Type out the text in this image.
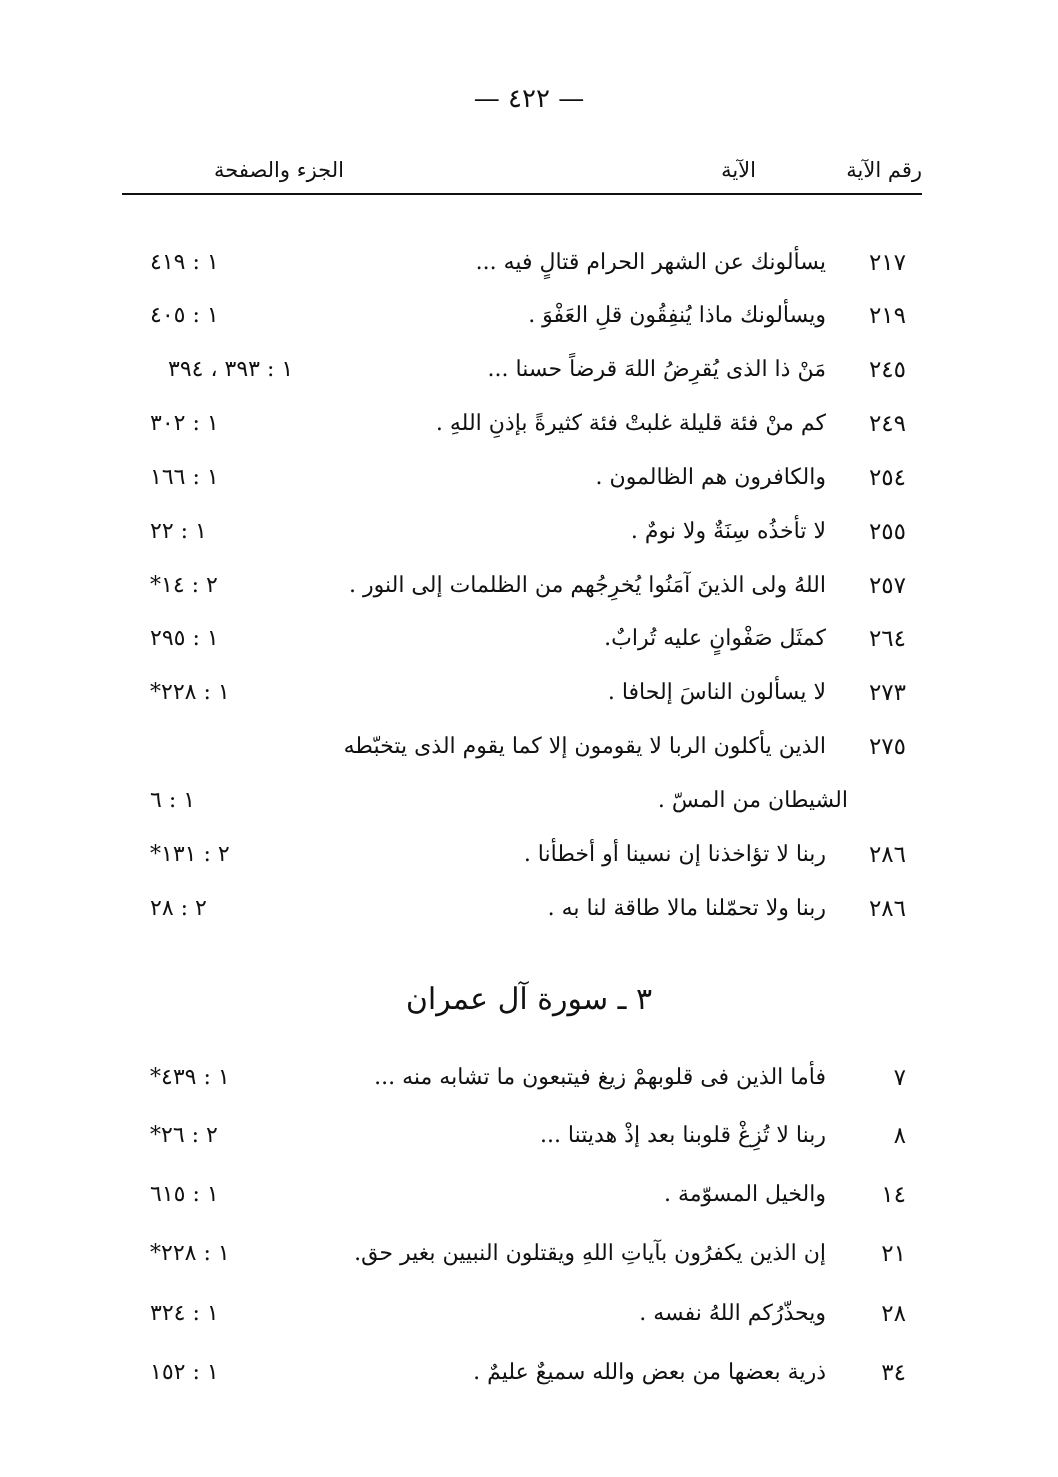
— ٤٢٢ —
رقم الآية
الآية
الجزء والصفحة
٢١٧
يسألونك عن الشهر الحرام قتالٍ فيه ...
١ : ٤١٩
٢١٩
ويسألونك ماذا يُنفِقُون قلِ العَفْوَ .
١ : ٤٠٥
٢٤٥
مَنْ ذا الذى يُقرِضُ اللهَ قرضاً حسنا ...
١ : ٣٩٣ ، ٣٩٤
٢٤٩
كم منْ فئة قليلة غلبتْ فئة كثيرةً بإذنِ اللهِ .
١ : ٣٠٢
٢٥٤
والكافرون هم الظالمون .
١ : ١٦٦
٢٥٥
لا تأخذُه سِنَةٌ ولا نومٌ .
١ : ٢٢
٢٥٧
اللهُ ولى الذينَ آمَنُوا يُخرِجُهم من الظلمات إلى النور .
٢ : ١٤*
٢٦٤
كمثَل صَفْوانٍ عليه تُرابٌ.
١ : ٢٩٥
٢٧٣
لا يسألون الناسَ إلحافا .
١ : ٢٢٨*
٢٧٥
الذين يأكلون الربا لا يقومون إلا كما يقوم الذى يتخبّطه
الشيطان من المسّ .
١ : ٦
٢٨٦
ربنا لا تؤاخذنا إن نسينا أو أخطأنا .
٢ : ١٣١*
٢٨٦
ربنا ولا تحمّلنا مالا طاقة لنا به .
٢ : ٢٨
٣ ـ سورة آل عمران
٧
فأما الذين فى قلوبهمْ زيغ فيتبعون ما تشابه منه ...
١ : ٤٣٩*
٨
ربنا لا تُزِغْ قلوبنا بعد إذْ هديتنا ...
٢ : ٢٦*
١٤
والخيل المسوّمة .
١ : ٦١٥
٢١
إن الذين يكفرُون بآياتِ اللهِ ويقتلون النبيين بغير حق.
١ : ٢٢٨*
٢٨
ويحذّرُكم اللهُ نفسه .
١ : ٣٢٤
٣٤
ذرية بعضها من بعض والله سميعٌ عليمٌ .
١ : ١٥٢
